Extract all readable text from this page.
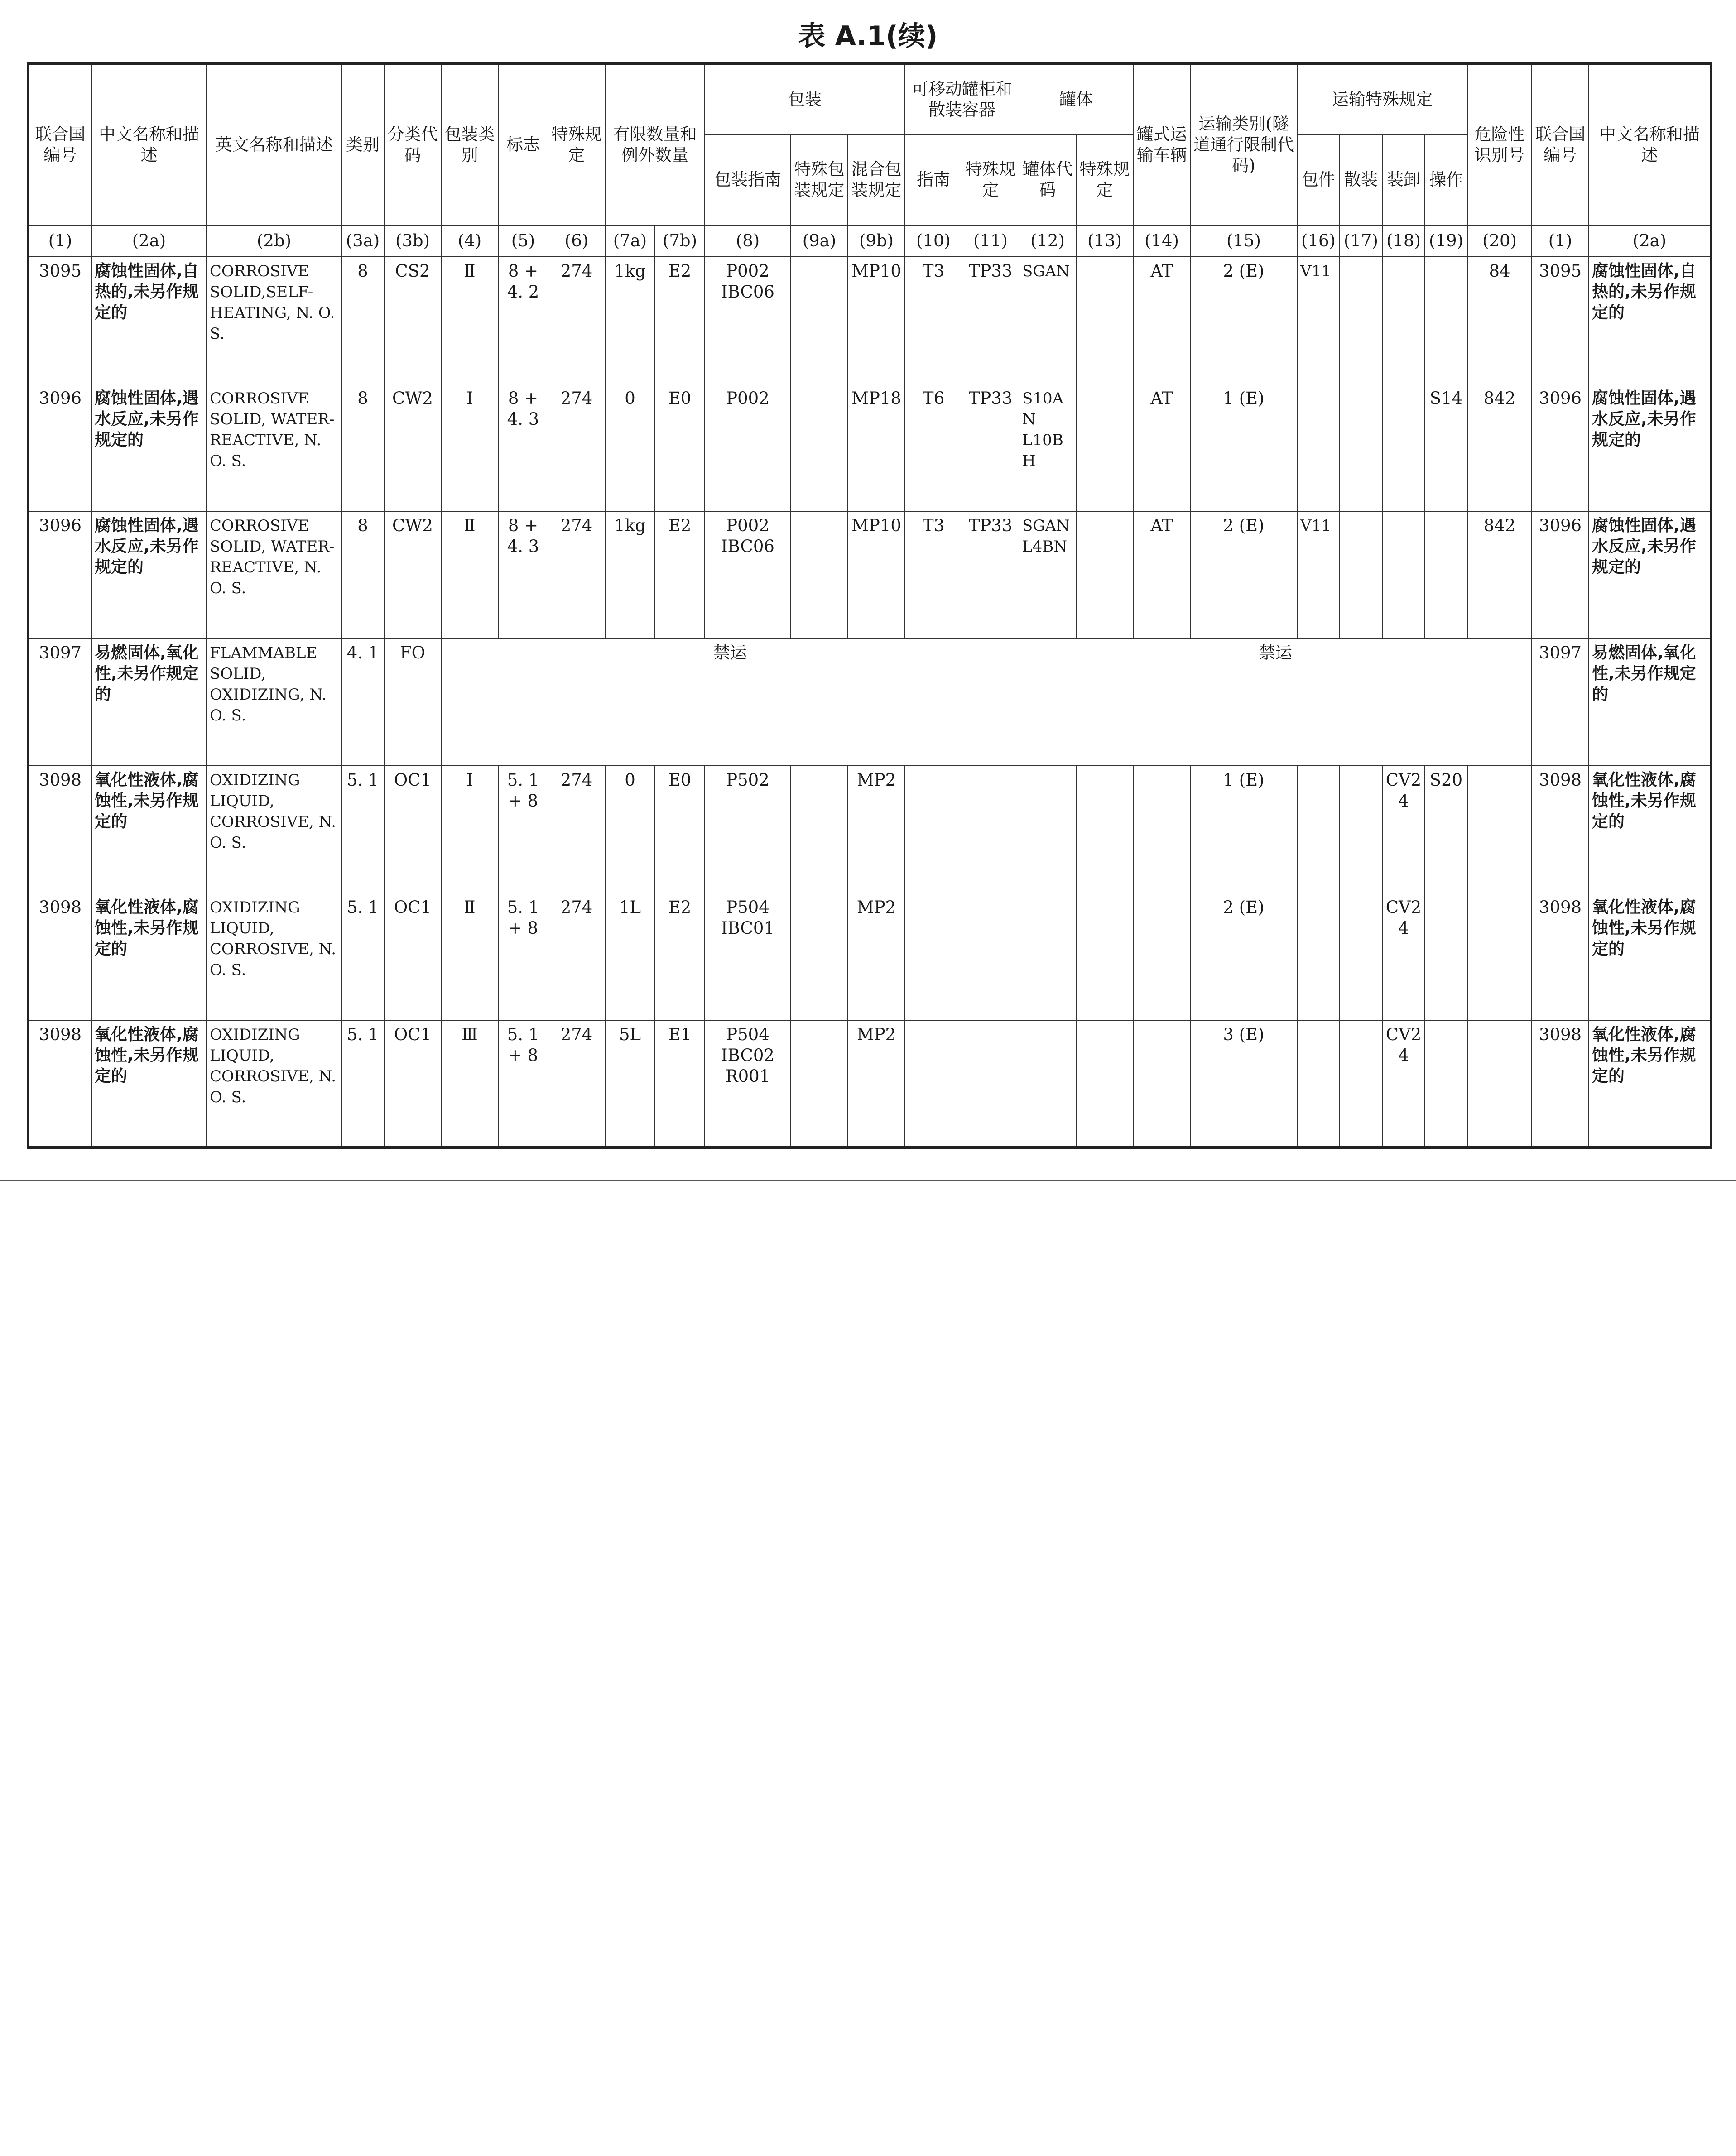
表 A.1(续)
联合国编号	中文名称和描述	英文名称和描述	类别	分类代码	包装类别	标志	特殊规定	有限数量和例外数量		包装			可移动罐柜和散装容器		罐体		罐式运输车辆	运输类别(隧道通行限制代码)	运输特殊规定				危险性识别号	联合国编号	中文名称和描述
										包装指南	特殊包装规定	混合包装规定	指南	特殊规定	罐体代码	特殊规定			包件	散装	装卸	操作			
(1)	(2a)	(2b)	(3a)	(3b)	(4)	(5)	(6)	(7a)	(7b)	(8)	(9a)	(9b)	(10)	(11)	(12)	(13)	(14)	(15)	(16)	(17)	(18)	(19)	(20)	(1)	(2a)
3095	腐蚀性固体,自热的,未另作规定的	CORROSIVE SOLID,SELF-HEATING, N. O. S.	8	CS2	Ⅱ	8 + 4. 2	274	1kg	E2	P002 IBC06		MP10	T3	TP33	SGAN		AT	2 (E)	V11				84	3095	腐蚀性固体,自热的,未另作规定的
3096	腐蚀性固体,遇水反应,未另作规定的	CORROSIVE SOLID, WATER-REACTIVE, N. O. S.	8	CW2	I	8 + 4. 3	274	0	E0	P002		MP18	T6	TP33	S10AN L10BH		AT	1 (E)				S14	842	3096	腐蚀性固体,遇水反应,未另作规定的
3096	腐蚀性固体,遇水反应,未另作规定的	CORROSIVE SOLID, WATER-REACTIVE, N. O. S.	8	CW2	Ⅱ	8 + 4. 3	274	1kg	E2	P002 IBC06		MP10	T3	TP33	SGAN L4BN		AT	2 (E)	V11				842	3096	腐蚀性固体,遇水反应,未另作规定的
3097	易燃固体,氧化性,未另作规定的	FLAMMABLE SOLID, OXIDIZING, N. O. S.	4. 1	FO	禁运										禁运									3097	易燃固体,氧化性,未另作规定的
3098	氧化性液体,腐蚀性,未另作规定的	OXIDIZING LIQUID, CORROSIVE, N. O. S.	5. 1	OC1	I	5. 1 + 8	274	0	E0	P502		MP2						1 (E)			CV24	S20		3098	氧化性液体,腐蚀性,未另作规定的
3098	氧化性液体,腐蚀性,未另作规定的	OXIDIZING LIQUID, CORROSIVE, N. O. S.	5. 1	OC1	Ⅱ	5. 1 + 8	274	1L	E2	P504 IBC01		MP2						2 (E)			CV24			3098	氧化性液体,腐蚀性,未另作规定的
3098	氧化性液体,腐蚀性,未另作规定的	OXIDIZING LIQUID, CORROSIVE, N. O. S.	5. 1	OC1	Ⅲ	5. 1 + 8	274	5L	E1	P504 IBC02 R001		MP2						3 (E)			CV24			3098	氧化性液体,腐蚀性,未另作规定的
